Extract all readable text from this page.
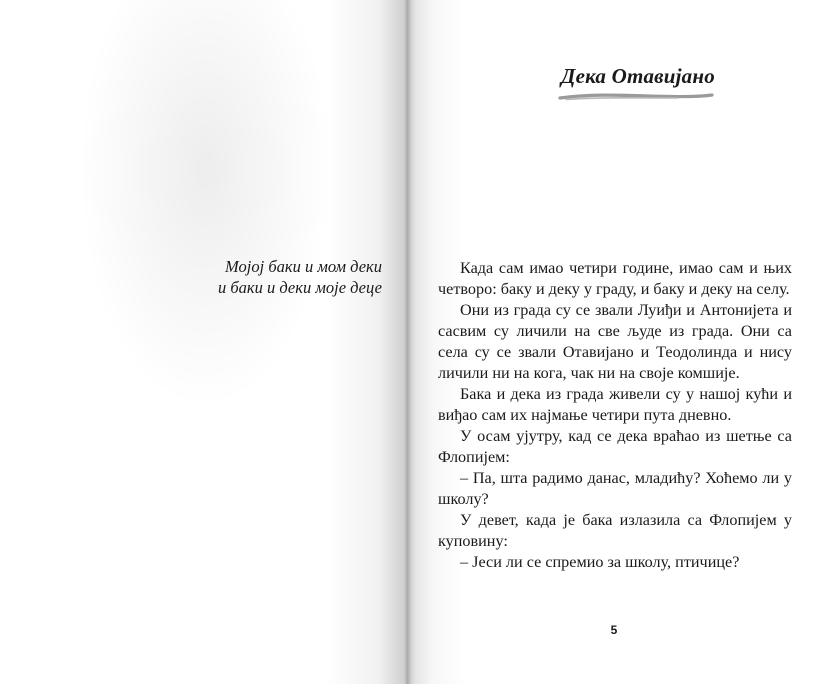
Мојој баки и мом деки
и баки и деки моје деце
Дека Отавијано

Када сам имао четири године, имао сам и њих четворо: баку и деку у граду, и баку и деку на селу.

Они из града су се звали Луиђи и Антонијета и сасвим су личили на све људе из града. Они са села су се звали Отавијано и Теодолинда и нису личили ни на кога, чак ни на своје комшије.

Бака и дека из града живели су у нашој кући и виђао сам их најмање четири пута дневно.

У осам ујутру, кад се дека враћао из шетње са Флопијем:

– Па, шта радимо данас, младићу? Хоћемо ли у школу?

У девет, када је бака излазила са Флопијем у куповину:

– Јеси ли се спремио за школу, птичице?

5
